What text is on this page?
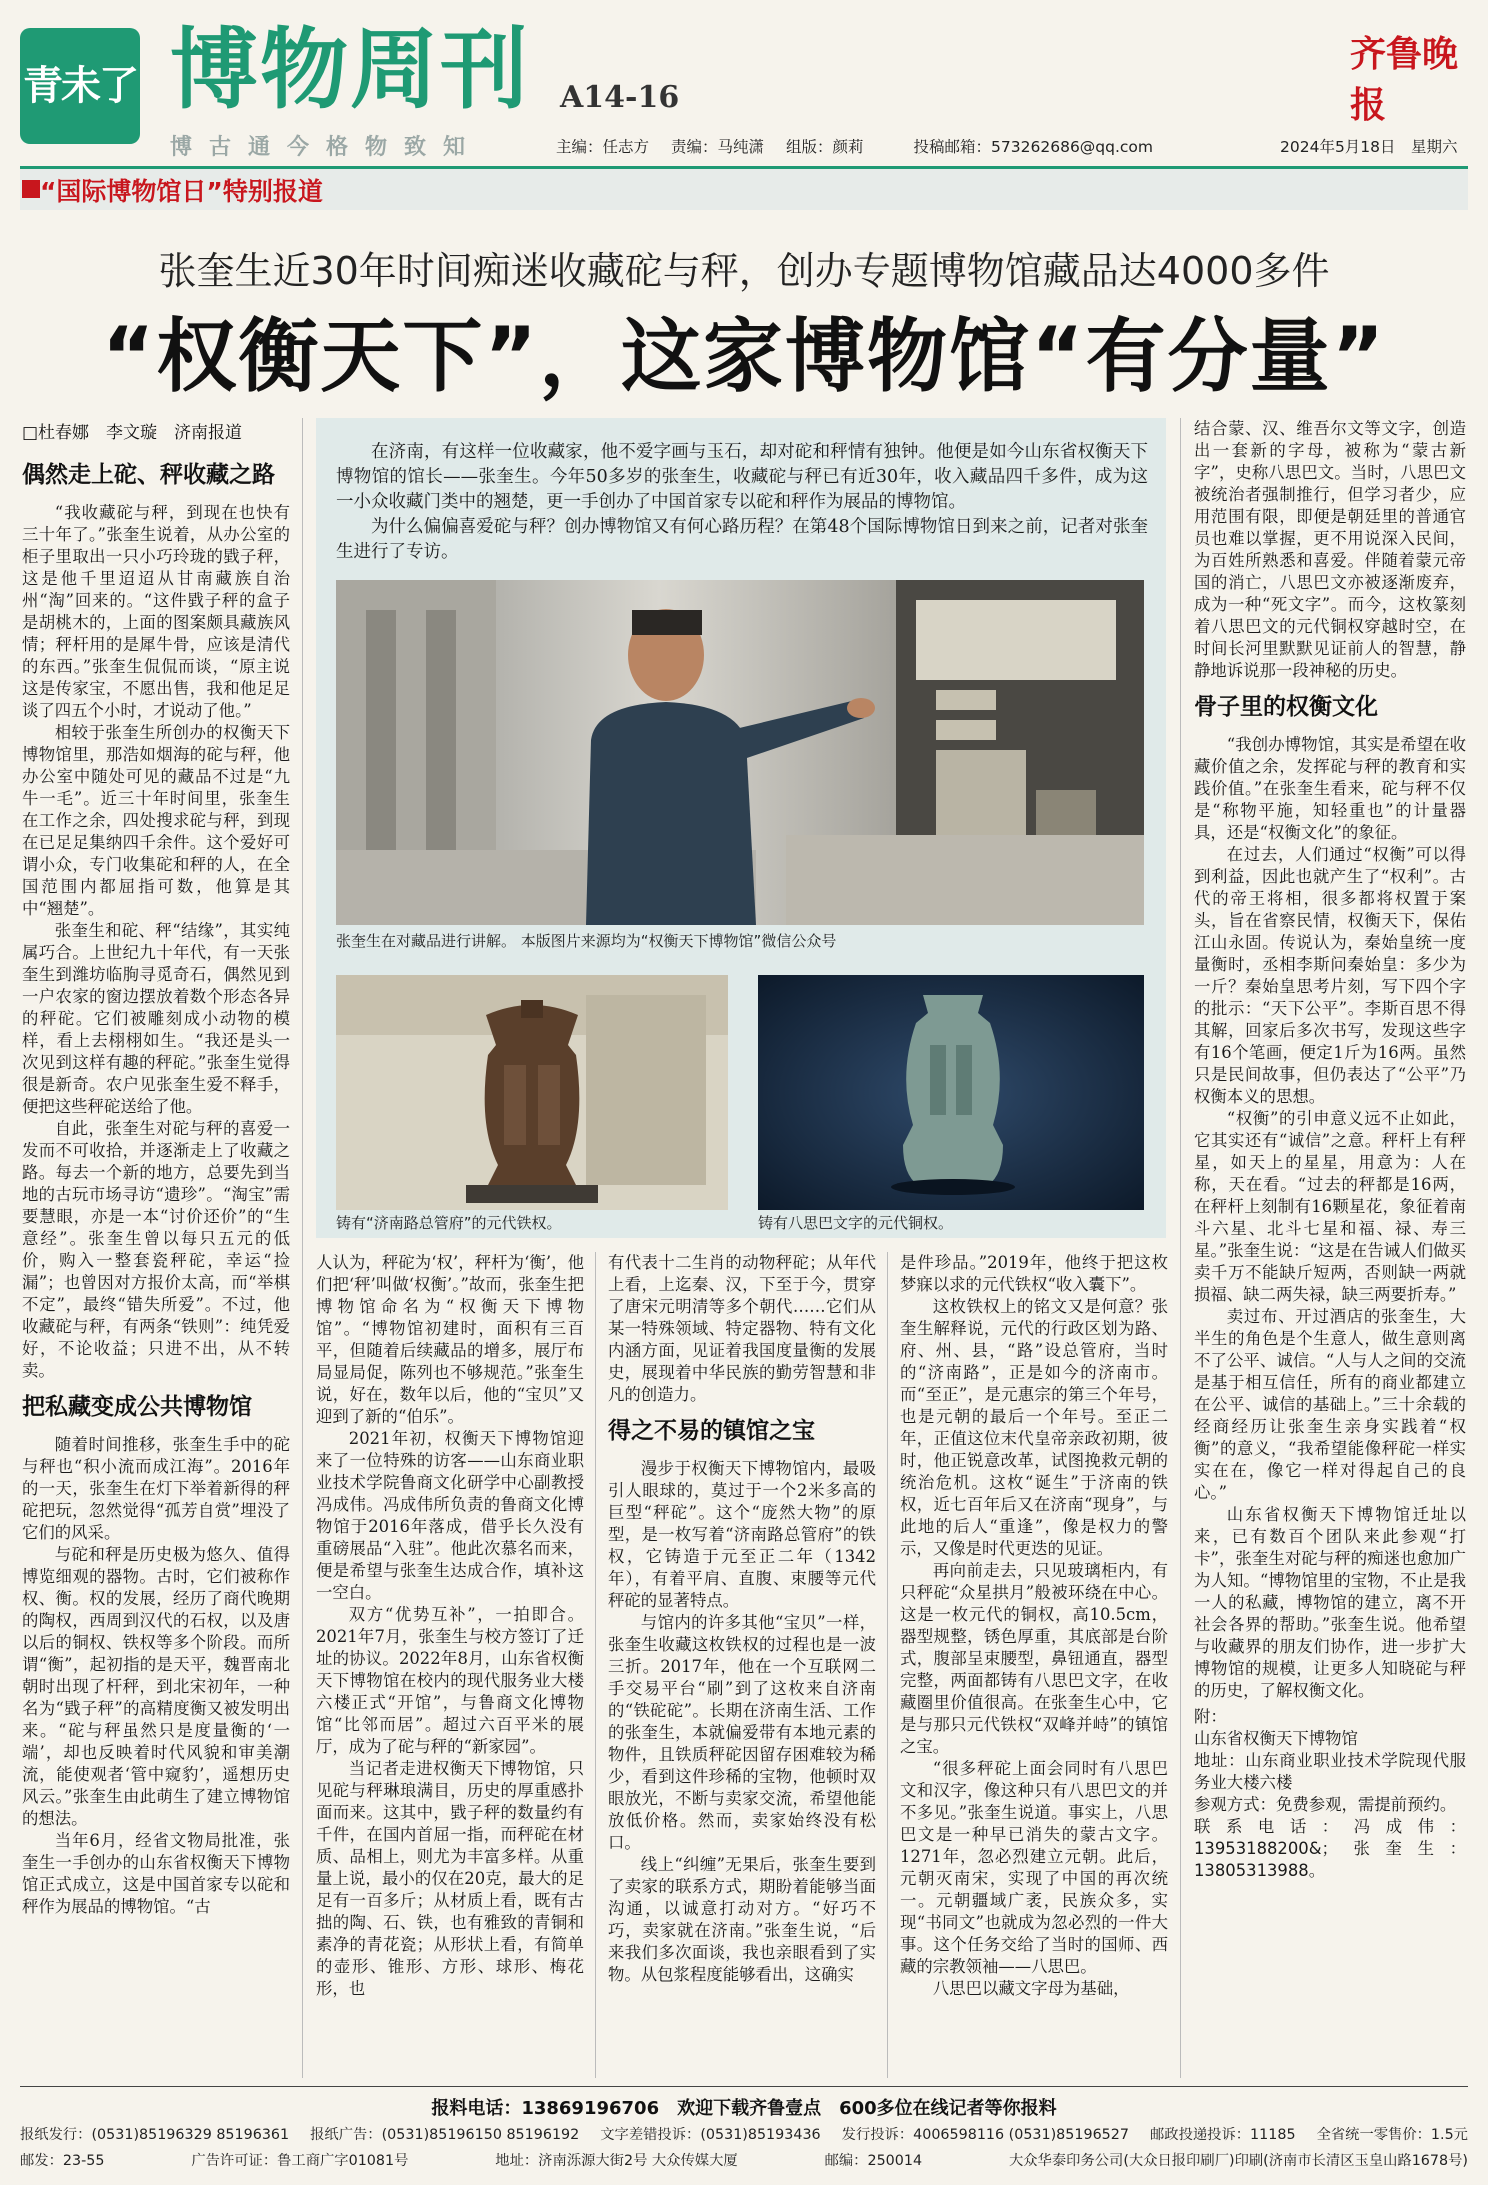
青未了 博物周刊 A14-16
齐鲁晚报
博古通今格物致知	主编：任志方 责编：马纯潇 组版：颜莉	投稿邮箱：573262686@qq.com	2024年5月18日　星期六
“国际博物馆日”特别报道
张奎生近30年时间痴迷收藏砣与秤，创办专题博物馆藏品达4000多件
“权衡天下”，这家博物馆“有分量”
□杜春娜　李文璇　济南报道

在济南，有这样一位收藏家，他不爱字画与玉石，却对砣和秤情有独钟。他便是如今山东省权衡天下博物馆的馆长——张奎生。今年50多岁的张奎生，收藏砣与秤已有近30年，收入藏品四千多件，成为这一小众收藏门类中的翘楚，更一手创办了中国首家专以砣和秤作为展品的博物馆。

为什么偏偏喜爱砣与秤？创办博物馆又有何心路历程？在第48个国际博物馆日到来之前，记者对张奎生进行了专访。

张奎生在对藏品进行讲解。 本版图片来源均为“权衡天下博物馆”微信公众号
铸有“济南路总管府”的元代铁权。	铸有八思巴文字的元代铜权。
偶然走上砣、秤收藏之路

“我收藏砣与秤，到现在也快有三十年了。”张奎生说着，从办公室的柜子里取出一只小巧玲珑的戥子秤，这是他千里迢迢从甘南藏族自治州“淘”回来的。“这件戥子秤的盒子是胡桃木的，上面的图案颇具藏族风情；秤杆用的是犀牛骨，应该是清代的东西。”张奎生侃侃而谈，“原主说这是传家宝，不愿出售，我和他足足谈了四五个小时，才说动了他。”

相较于张奎生所创办的权衡天下博物馆里，那浩如烟海的砣与秤，他办公室中随处可见的藏品不过是“九牛一毛”。近三十年时间里，张奎生在工作之余，四处搜求砣与秤，到现在已足足集纳四千余件。这个爱好可谓小众，专门收集砣和秤的人，在全国范围内都屈指可数，他算是其中“翘楚”。

张奎生和砣、秤“结缘”，其实纯属巧合。上世纪九十年代，有一天张奎生到潍坊临朐寻觅奇石，偶然见到一户农家的窗边摆放着数个形态各异的秤砣。它们被雕刻成小动物的模样，看上去栩栩如生。“我还是头一次见到这样有趣的秤砣。”张奎生觉得很是新奇。农户见张奎生爱不释手，便把这些秤砣送给了他。

自此，张奎生对砣与秤的喜爱一发而不可收拾，并逐渐走上了收藏之路。每去一个新的地方，总要先到当地的古玩市场寻访“遗珍”。“淘宝”需要慧眼，亦是一本“讨价还价”的“生意经”。张奎生曾以每只五元的低价，购入一整套瓷秤砣，幸运“捡漏”；也曾因对方报价太高，而“举棋不定”，最终“错失所爱”。不过，他收藏砣与秤，有两条“铁则”：纯凭爱好，不论收益；只进不出，从不转卖。

把私藏变成公共博物馆

随着时间推移，张奎生手中的砣与秤也“积小流而成江海”。2016年的一天，张奎生在灯下举着新得的秤砣把玩，忽然觉得“孤芳自赏”埋没了它们的风采。

与砣和秤是历史极为悠久、值得博览细观的器物。古时，它们被称作权、衡。权的发展，经历了商代晚期的陶权，西周到汉代的石权，以及唐以后的铜权、铁权等多个阶段。而所谓“衡”，起初指的是天平，魏晋南北朝时出现了杆秤，到北宋初年，一种名为“戥子秤”的高精度衡又被发明出来。“砣与秤虽然只是度量衡的‘一端’，却也反映着时代风貌和审美潮流，能使观者‘管中窥豹’，遥想历史风云。”张奎生由此萌生了建立博物馆的想法。

当年6月，经省文物局批准，张奎生一手创办的山东省权衡天下博物馆正式成立，这是中国首家专以砣和秤作为展品的博物馆。“古

人认为，秤砣为‘权’，秤杆为‘衡’，他们把‘秤’叫做‘权衡’。”故而，张奎生把博物馆命名为“权衡天下博物馆”。“博物馆初建时，面积有三百平，但随着后续藏品的增多，展厅布局显局促，陈列也不够规范。”张奎生说，好在，数年以后，他的“宝贝”又迎到了新的“伯乐”。

2021年初，权衡天下博物馆迎来了一位特殊的访客——山东商业职业技术学院鲁商文化研学中心副教授冯成伟。冯成伟所负责的鲁商文化博物馆于2016年落成，借乎长久没有重磅展品“入驻”。他此次慕名而来，便是希望与张奎生达成合作，填补这一空白。

双方“优势互补”，一拍即合。2021年7月，张奎生与校方签订了迁址的协议。2022年8月，山东省权衡天下博物馆在校内的现代服务业大楼六楼正式“开馆”，与鲁商文化博物馆“比邻而居”。超过六百平米的展厅，成为了砣与秤的“新家园”。

当记者走进权衡天下博物馆，只见砣与秤琳琅满目，历史的厚重感扑面而来。这其中，戥子秤的数量约有千件，在国内首屈一指，而秤砣在材质、品相上，则尤为丰富多样。从重量上说，最小的仅在20克，最大的足足有一百多斤；从材质上看，既有古拙的陶、石、铁，也有雅致的青铜和素净的青花瓷；从形状上看，有简单的壶形、锥形、方形、球形、梅花形，也

有代表十二生肖的动物秤砣；从年代上看，上迄秦、汉，下至于今，贯穿了唐宋元明清等多个朝代……它们从某一特殊领域、特定器物、特有文化内涵方面，见证着我国度量衡的发展史，展现着中华民族的勤劳智慧和非凡的创造力。

得之不易的镇馆之宝

漫步于权衡天下博物馆内，最吸引人眼球的，莫过于一个2米多高的巨型“秤砣”。这个“庞然大物”的原型，是一枚写着“济南路总管府”的铁权，它铸造于元至正二年（1342年），有着平肩、直腹、束腰等元代秤砣的显著特点。

与馆内的许多其他“宝贝”一样，张奎生收藏这枚铁权的过程也是一波三折。2017年，他在一个互联网二手交易平台“刷”到了这枚来自济南的“铁砣砣”。长期在济南生活、工作的张奎生，本就偏爱带有本地元素的物件，且铁质秤砣因留存困难较为稀少，看到这件珍稀的宝物，他顿时双眼放光，不断与卖家交流，希望他能放低价格。然而，卖家始终没有松口。

线上“纠缠”无果后，张奎生要到了卖家的联系方式，期盼着能够当面沟通，以诚意打动对方。“好巧不巧，卖家就在济南。”张奎生说，“后来我们多次面谈，我也亲眼看到了实物。从包浆程度能够看出，这确实

是件珍品。”2019年，他终于把这枚梦寐以求的元代铁权“收入囊下”。

这枚铁权上的铭文又是何意？张奎生解释说，元代的行政区划为路、府、州、县，“路”设总管府，当时的“济南路”，正是如今的济南市。而“至正”，是元惠宗的第三个年号，也是元朝的最后一个年号。至正二年，正值这位末代皇帝亲政初期，彼时，他正锐意改革，试图挽救元朝的统治危机。这枚“诞生”于济南的铁权，近七百年后又在济南“现身”，与此地的后人“重逢”，像是权力的警示，又像是时代更迭的见证。

再向前走去，只见玻璃柜内，有只秤砣“众星拱月”般被环绕在中心。这是一枚元代的铜权，高10.5cm，器型规整，锈色厚重，其底部是台阶式，腹部呈束腰型，鼻钮通直，器型完整，两面都铸有八思巴文字，在收藏圈里价值很高。在张奎生心中，它是与那只元代铁权“双峰并峙”的镇馆之宝。

“很多秤砣上面会同时有八思巴文和汉字，像这种只有八思巴文的并不多见。”张奎生说道。事实上，八思巴文是一种早已消失的蒙古文字。1271年，忽必烈建立元朝。此后，元朝灭南宋，实现了中国的再次统一。元朝疆域广袤，民族众多，实现“书同文”也就成为忽必烈的一件大事。这个任务交给了当时的国师、西藏的宗教领袖——八思巴。

八思巴以藏文字母为基础，

结合蒙、汉、维吾尔文等文字，创造出一套新的字母，被称为“蒙古新字”，史称八思巴文。当时，八思巴文被统治者强制推行，但学习者少，应用范围有限，即便是朝廷里的普通官员也难以掌握，更不用说深入民间，为百姓所熟悉和喜爱。伴随着蒙元帝国的消亡，八思巴文亦被逐渐废弃，成为一种“死文字”。而今，这枚篆刻着八思巴文的元代铜权穿越时空，在时间长河里默默见证前人的智慧，静静地诉说那一段神秘的历史。

骨子里的权衡文化

“我创办博物馆，其实是希望在收藏价值之余，发挥砣与秤的教育和实践价值。”在张奎生看来，砣与秤不仅是“称物平施，知轻重也”的计量器具，还是“权衡文化”的象征。

在过去，人们通过“权衡”可以得到利益，因此也就产生了“权利”。古代的帝王将相，很多都将权置于案头，旨在省察民情，权衡天下，保佑江山永固。传说认为，秦始皇统一度量衡时，丞相李斯问秦始皇：多少为一斤？秦始皇思考片刻，写下四个字的批示：“天下公平”。李斯百思不得其解，回家后多次书写，发现这些字有16个笔画，便定1斤为16两。虽然只是民间故事，但仍表达了“公平”乃权衡本义的思想。

“权衡”的引申意义远不止如此，它其实还有“诚信”之意。秤杆上有秤星，如天上的星星，用意为：人在称，天在看。“过去的秤都是16两，在秤杆上刻制有16颗星花，象征着南斗六星、北斗七星和福、禄、寿三星。”张奎生说：“这是在告诫人们做买卖千万不能缺斤短两，否则缺一两就损福、缺二两失禄，缺三两要折寿。”

卖过布、开过酒店的张奎生，大半生的角色是个生意人，做生意则离不了公平、诚信。“人与人之间的交流是基于相互信任，所有的商业都建立在公平、诚信的基础上。”三十余载的经商经历让张奎生亲身实践着“权衡”的意义，“我希望能像秤砣一样实实在在，像它一样对得起自己的良心。”

山东省权衡天下博物馆迁址以来，已有数百个团队来此参观“打卡”，张奎生对砣与秤的痴迷也愈加广为人知。“博物馆里的宝物，不止是我一人的私藏，博物馆的建立，离不开社会各界的帮助。”张奎生说。他希望与收藏界的朋友们协作，进一步扩大博物馆的规模，让更多人知晓砣与秤的历史，了解权衡文化。

附：
山东省权衡天下博物馆
地址：山东商业职业技术学院现代服务业大楼六楼
参观方式：免费参观，需提前预约。
联系电话：冯成伟：13953188200&；张奎生：13805313988。
报料电话：13869196706　欢迎下载齐鲁壹点　600多位在线记者等你报料
报纸发行：(0531)85196329 85196361 报纸广告：(0531)85196150 85196192 文字差错投诉：(0531)85193436 发行投诉：4006598116 (0531)85196527 邮政投递投诉：11185 全省统一零售价：1.5元
邮发：23-55	广告许可证：鲁工商广字01081号	地址：济南泺源大街2号 大众传媒大厦	邮编：250014	大众华泰印务公司(大众日报印刷厂)印刷(济南市长清区玉皇山路1678号)
